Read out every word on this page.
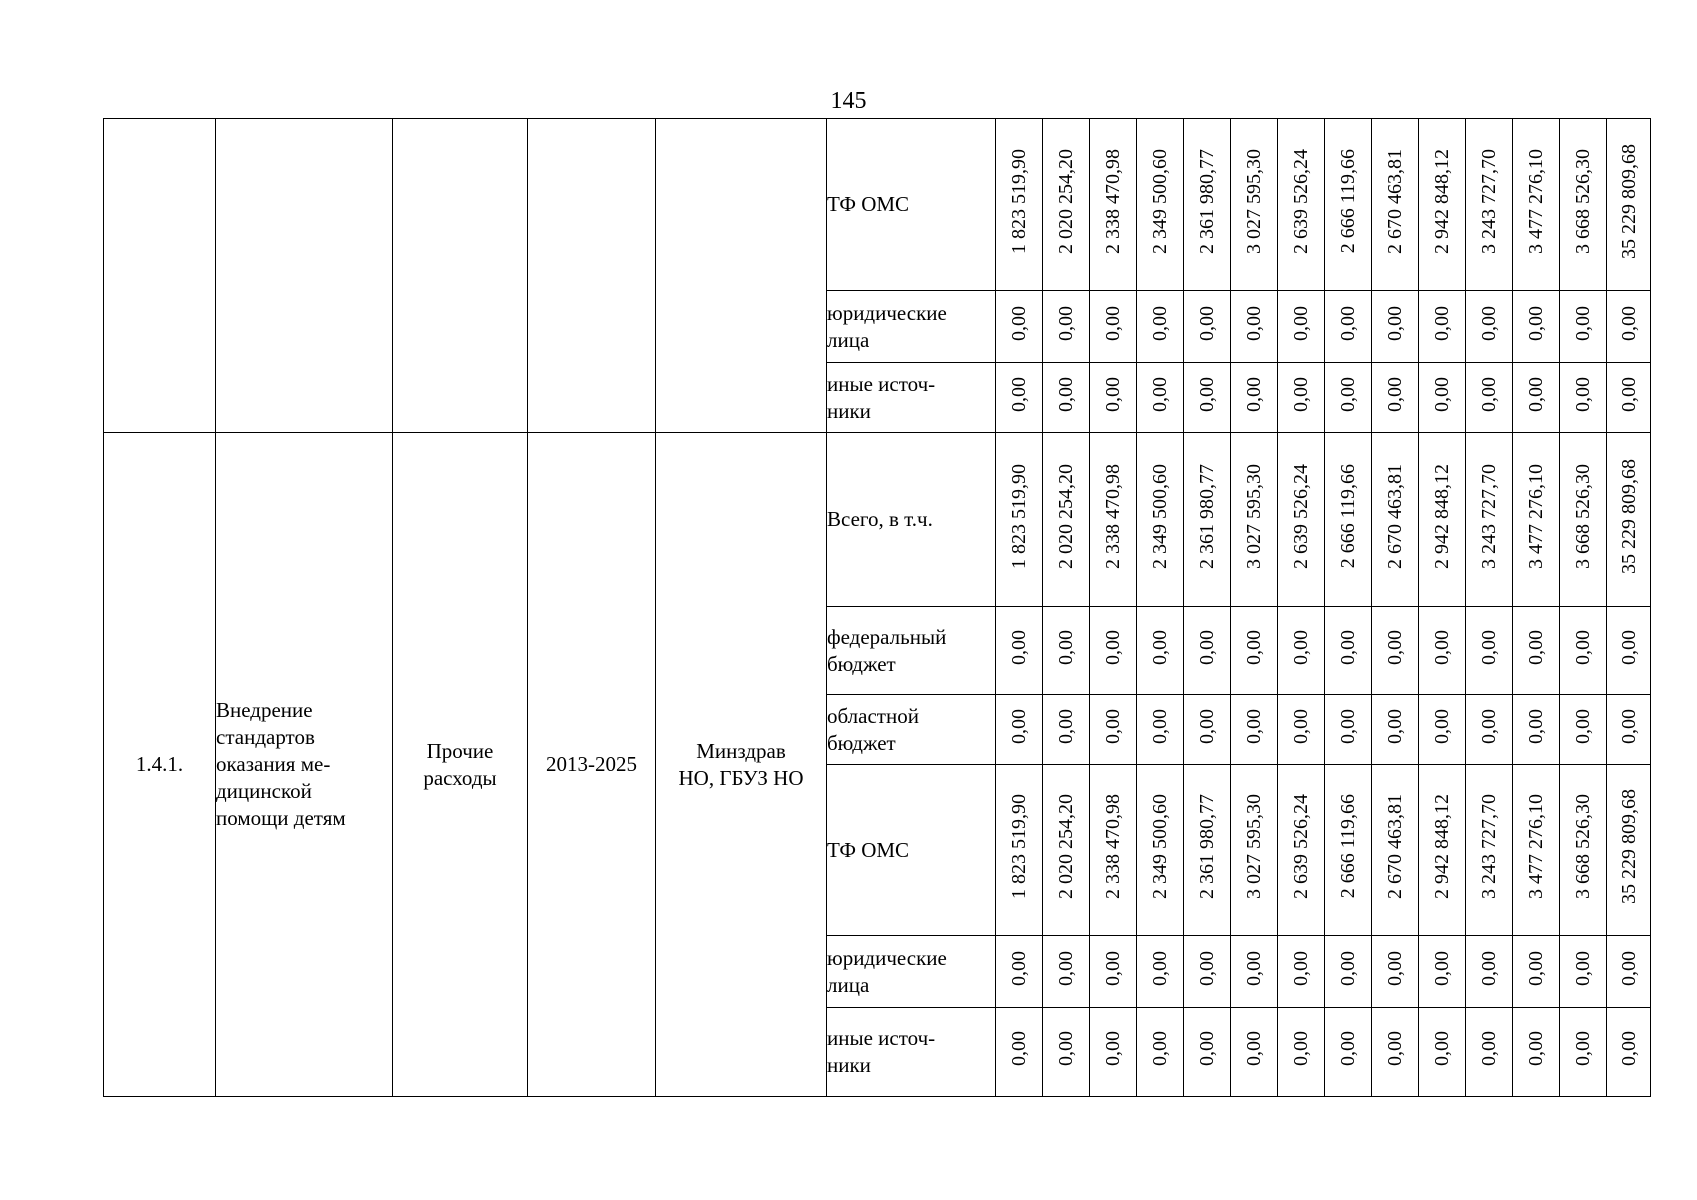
145
					ТФ ОМС	1 823 519,90	2 020 254,20	2 338 470,98	2 349 500,60	2 361 980,77	3 027 595,30	2 639 526,24	2 666 119,66	2 670 463,81	2 942 848,12	3 243 727,70	3 477 276,10	3 668 526,30	35 229 809,68

					юридические
лица	0,00	0,00	0,00	0,00	0,00	0,00	0,00	0,00	0,00	0,00	0,00	0,00	0,00	0,00

					иные источ-
ники	0,00	0,00	0,00	0,00	0,00	0,00	0,00	0,00	0,00	0,00	0,00	0,00	0,00	0,00
1.4.1.	Внедрение
стандартов
оказания ме-
дицинской
помощи детям	Прочие
расходы	2013-2025	Минздрав
НО, ГБУЗ НО	Всего, в т.ч.	1 823 519,90	2 020 254,20	2 338 470,98	2 349 500,60	2 361 980,77	3 027 595,30	2 639 526,24	2 666 119,66	2 670 463,81	2 942 848,12	3 243 727,70	3 477 276,10	3 668 526,30	35 229 809,68

					федеральный
бюджет	0,00	0,00	0,00	0,00	0,00	0,00	0,00	0,00	0,00	0,00	0,00	0,00	0,00	0,00

					областной
бюджет	0,00	0,00	0,00	0,00	0,00	0,00	0,00	0,00	0,00	0,00	0,00	0,00	0,00	0,00
					ТФ ОМС	1 823 519,90	2 020 254,20	2 338 470,98	2 349 500,60	2 361 980,77	3 027 595,30	2 639 526,24	2 666 119,66	2 670 463,81	2 942 848,12	3 243 727,70	3 477 276,10	3 668 526,30	35 229 809,68

					юридические
лица	0,00	0,00	0,00	0,00	0,00	0,00	0,00	0,00	0,00	0,00	0,00	0,00	0,00	0,00

					иные источ-
ники	0,00	0,00	0,00	0,00	0,00	0,00	0,00	0,00	0,00	0,00	0,00	0,00	0,00	0,00
